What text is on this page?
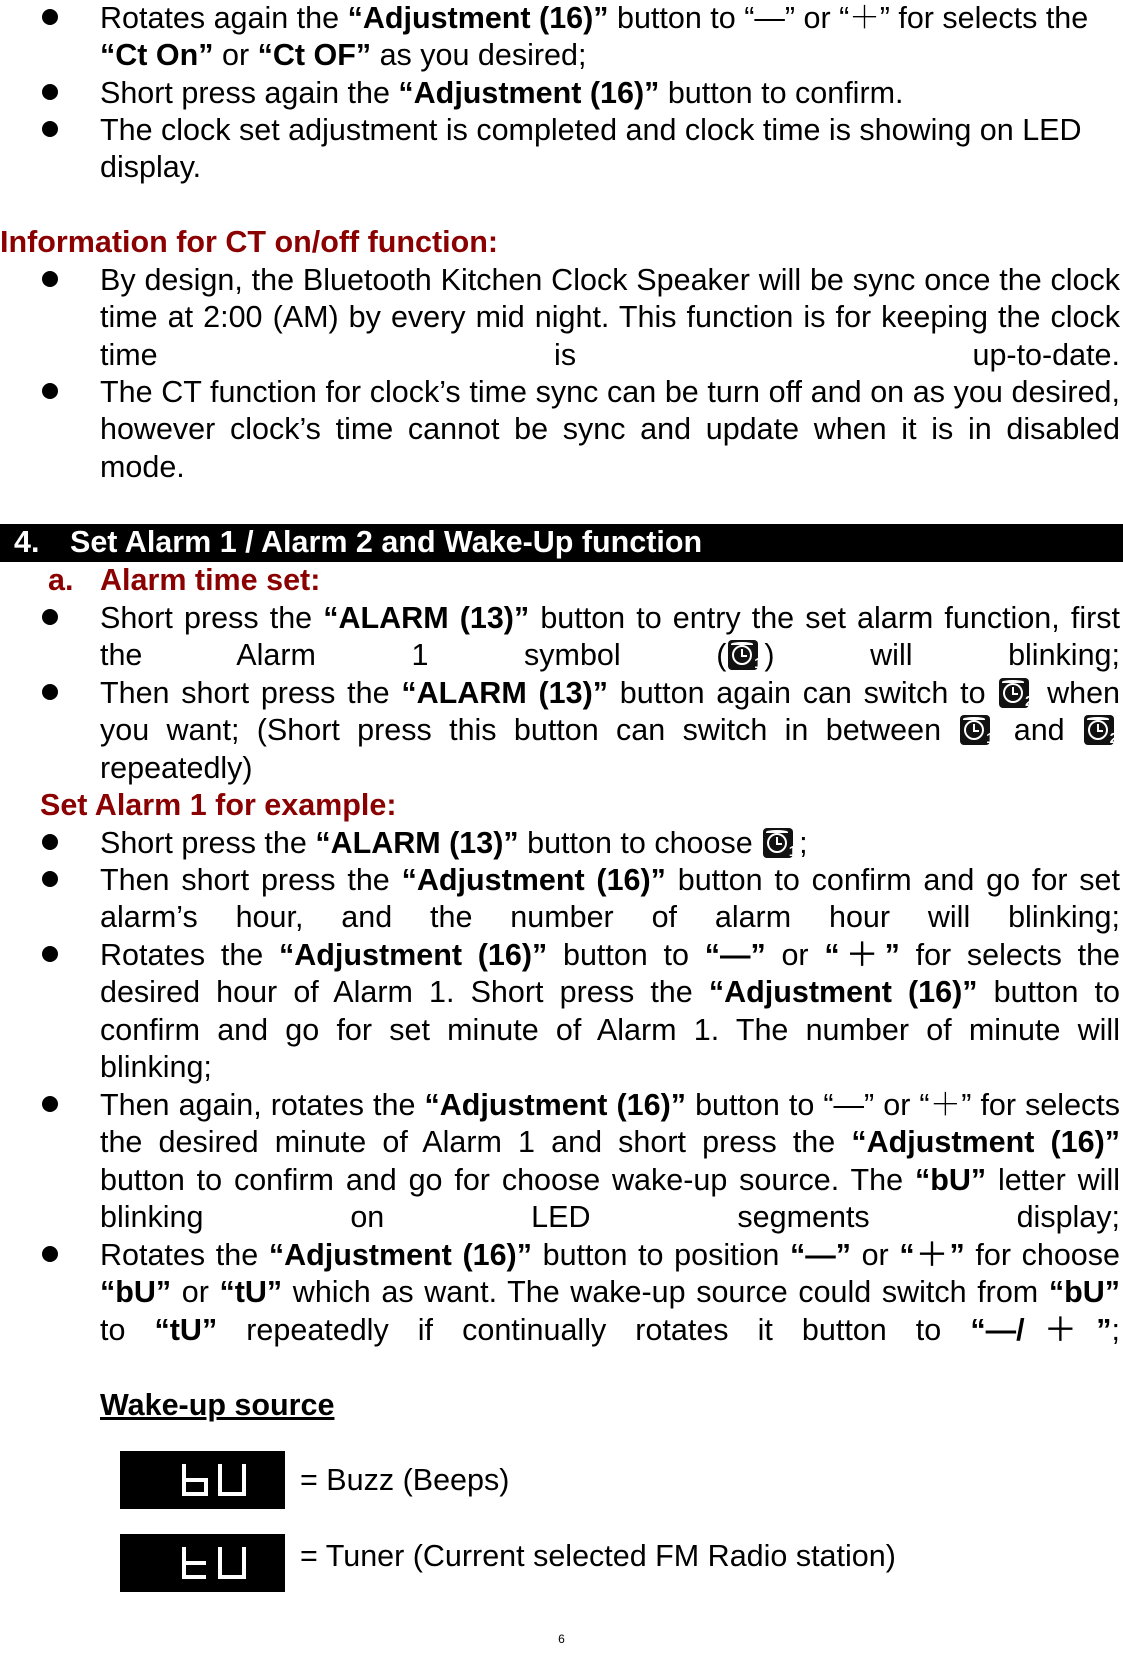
Rotates again the “Adjustment (16)” button to “—” or “＋” for selects the “Ct On” or “Ct OF” as you desired;
Short press again the “Adjustment (16)” button to confirm.
The clock set adjustment is completed and clock time is showing on LED display.
Information for CT on/off function:
By design, the Bluetooth Kitchen Clock Speaker will be sync once the clock time at 2:00 (AM) by every mid night. This function is for keeping the clock time is up-to-date.
The CT function for clock’s time sync can be turn off and on as you desired, however clock’s time cannot be sync and update when it is in disabled mode.
4. Set Alarm 1 / Alarm 2 and Wake-Up function
a. Alarm time set:
Short press the “ALARM (13)” button to entry the set alarm function, first the Alarm 1 symbol ( 1 ) will blinking;
Then short press the “ALARM (13)” button again can switch to 2 when you want; (Short press this button can switch in between 1 and 2
repeatedly)
Set Alarm 1 for example:
Short press the “ALARM (13)” button to choose 1 ;
Then short press the “Adjustment (16)” button to confirm and go for set alarm’s hour, and the number of alarm hour will blinking;
Rotates the “Adjustment (16)” button to “—” or “＋” for selects the desired hour of Alarm 1. Short press the “Adjustment (16)” button to confirm and go for set minute of Alarm 1. The number of minute will blinking;
Then again, rotates the “Adjustment (16)” button to “—” or “＋” for selects the desired minute of Alarm 1 and short press the “Adjustment (16)” button to confirm and go for choose wake-up source. The “bU” letter will blinking on LED segments display;
Rotates the “Adjustment (16)” button to position “—” or “＋” for choose “bU” or “tU” which as want. The wake-up source could switch from “bU” to “tU” repeatedly if continually rotates it button to “—/＋”;
Wake-up source
= Buzz (Beeps)
= Tuner (Current selected FM Radio station)
6
